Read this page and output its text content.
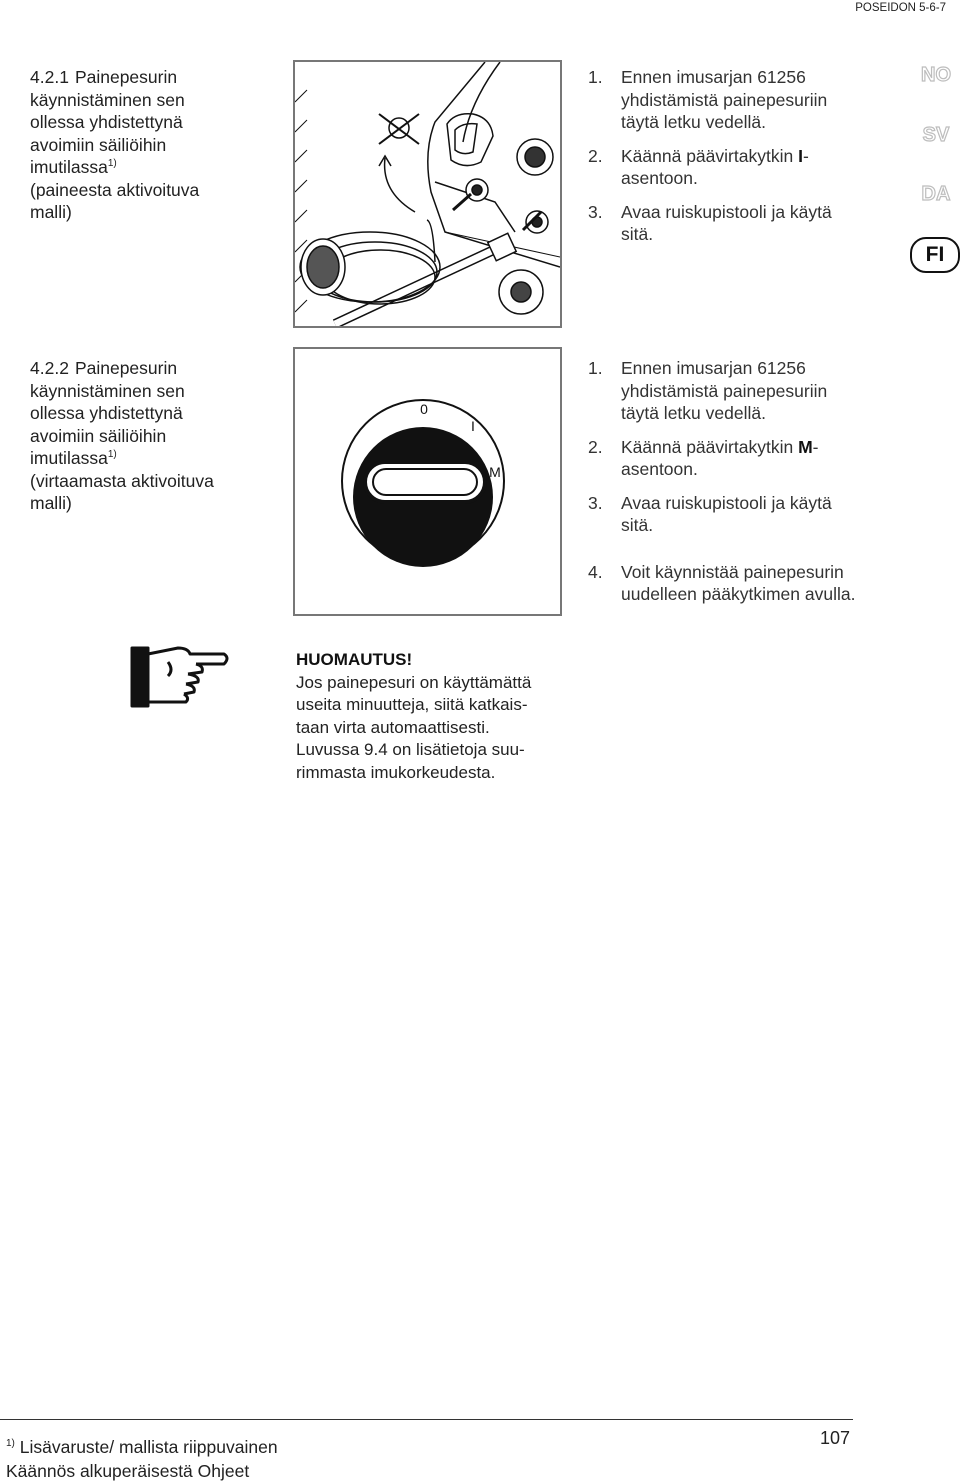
POSEIDON 5-6-7
NO
SV
DA
FI
4.2.1 Painepesurin
käynnistäminen sen
ollessa yhdistettynä
avoimiin säiliöihin
imutilassa$^{1)}$
(paineesta aktivoituva
malli)
1. Ennen imusarjan 61256 yhdistämistä painepesuriin täytä letku vedellä.
2. Käännä päävirtakytkin I-asentoon.
3. Avaa ruiskupistooli ja käytä sitä.
4.2.2 Painepesurin
käynnistäminen sen
ollessa yhdistettynä
avoimiin säiliöihin
imutilassa$^{1)}$
(virtaamasta aktivoituva
malli)
0
I
M
1. Ennen imusarjan 61256 yhdistämistä painepesuriin täytä letku vedellä.
2. Käännä päävirtakytkin M-asentoon.
3. Avaa ruiskupistooli ja käytä sitä.
4. Voit käynnistää painepesurin uudelleen pääkytkimen avulla.
HUOMAUTUS!
Jos painepesuri on käyttämättä
useita minuutteja, siitä katkais-
taan virta automaattisesti.
Luvussa 9.4 on lisätietoja suu-
rimmasta imukorkeudesta.
$^{1)}$ Lisävaruste/ mallista riippuvainen
Käännös alkuperäisestä Ohjeet
107
